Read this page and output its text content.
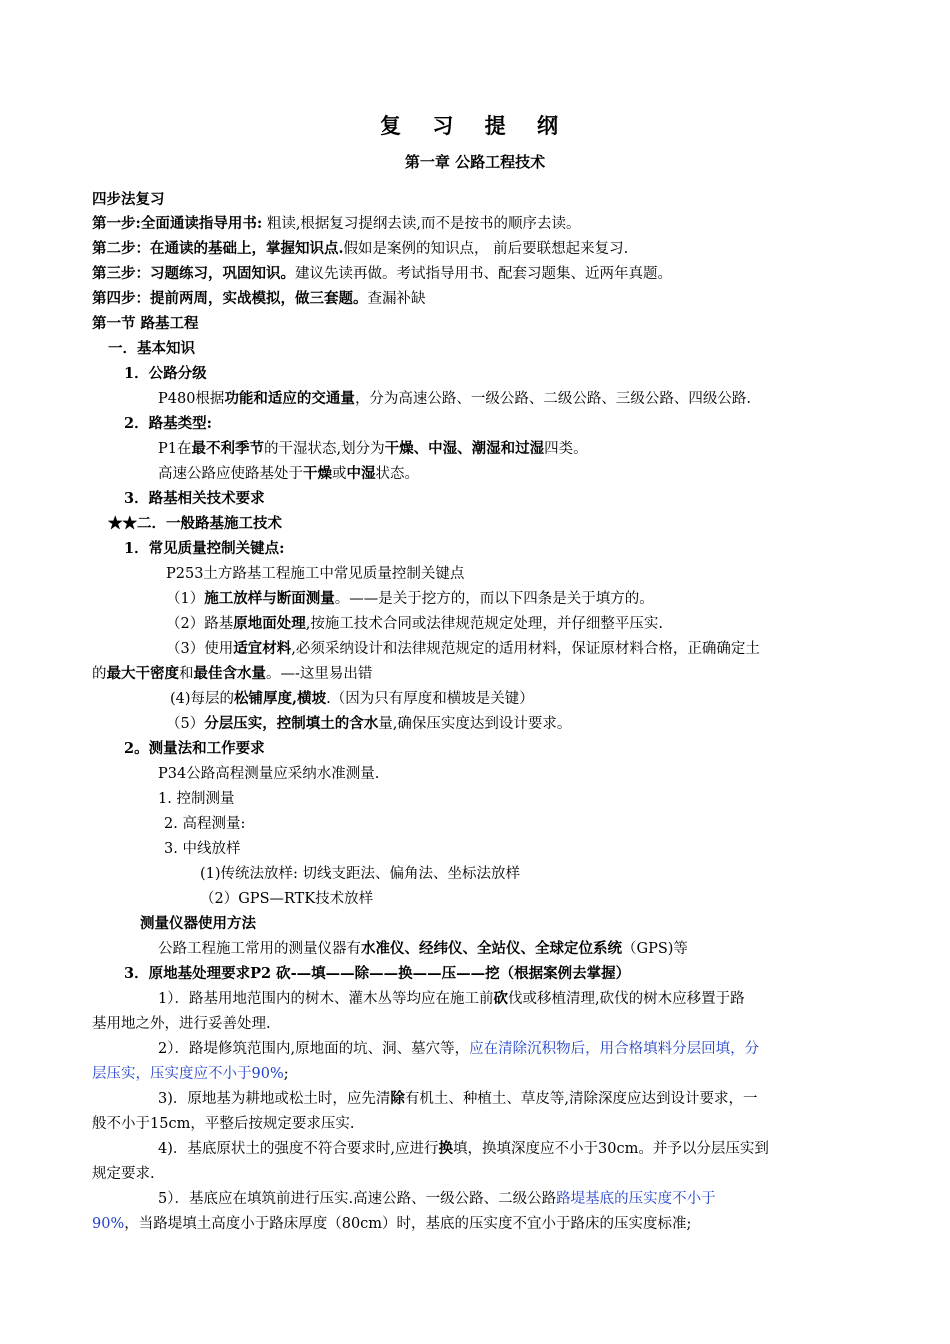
复 习 提 纲
第一章 公路工程技术
四步法复习
第一步:全面通读指导用书: 粗读,根据复习提纲去读,而不是按书的顺序去读。
第二步：在通读的基础上，掌握知识点.假如是案例的知识点， 前后要联想起来复习.
第三步：习题练习，巩固知识。建议先读再做。考试指导用书、配套习题集、近两年真题。
第四步：提前两周，实战模拟，做三套题。查漏补缺
第一节 路基工程
一．基本知识
1．公路分级
P480根据功能和适应的交通量，分为高速公路、一级公路、二级公路、三级公路、四级公路.
2．路基类型:
P1在最不利季节的干湿状态,划分为干燥、中湿、潮湿和过湿四类。
高速公路应使路基处于干燥或中湿状态。
3．路基相关技术要求
★★二．一般路基施工技术
1．常见质量控制关键点:
P253土方路基工程施工中常见质量控制关键点
（1）施工放样与断面测量。——是关于挖方的，而以下四条是关于填方的。
（2）路基原地面处理,按施工技术合同或法律规范规定处理，并仔细整平压实.
（3）使用适宜材料,必须采纳设计和法律规范规定的适用材料，保证原材料合格，正确确定土
的最大干密度和最佳含水量。—-这里易出错
(4)每层的松铺厚度,横坡.（因为只有厚度和横坡是关键）
（5）分层压实，控制填土的含水量,确保压实度达到设计要求。
2。测量法和工作要求
P34公路高程测量应采纳水准测量.
1. 控制测量
2. 高程测量:
3. 中线放样
(1)传统法放样: 切线支距法、偏角法、坐标法放样
（2）GPS—RTK技术放样
测量仪器使用方法
公路工程施工常用的测量仪器有水准仪、经纬仪、全站仪、全球定位系统（GPS)等
3．原地基处理要求P2 砍-—填——除——换——压——挖（根据案例去掌握）
1）．路基用地范围内的树木、灌木丛等均应在施工前砍伐或移植清理,砍伐的树木应移置于路
基用地之外，进行妥善处理.
2）．路堤修筑范围内,原地面的坑、洞、墓穴等，应在清除沉积物后，用合格填料分层回填，分
层压实，压实度应不小于90%;
3)．原地基为耕地或松土时，应先清除有机土、种植土、草皮等,清除深度应达到设计要求，一
般不小于15cm，平整后按规定要求压实.
4)．基底原状土的强度不符合要求时,应进行换填，换填深度应不小于30cm。并予以分层压实到
规定要求.
5）．基底应在填筑前进行压实.高速公路、一级公路、二级公路路堤基底的压实度不小于
90%，当路堤填土高度小于路床厚度（80cm）时，基底的压实度不宜小于路床的压实度标准;
